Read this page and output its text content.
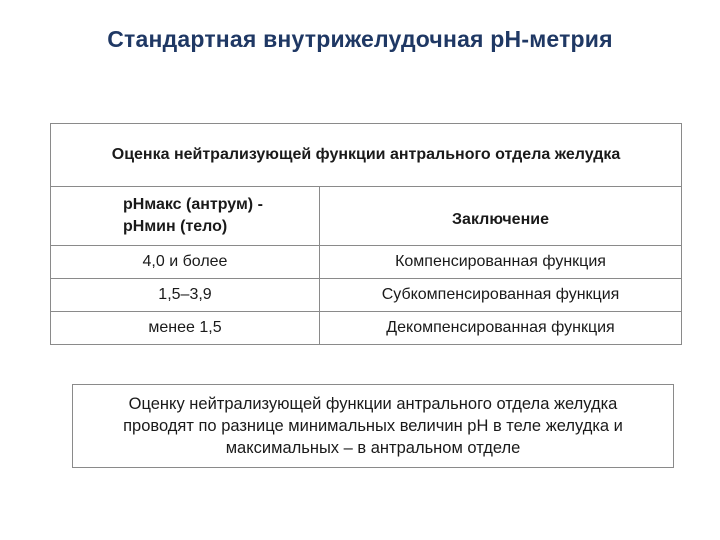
Стандартная внутрижелудочная рН-метрия
Оценка нейтрализующей функции антрального отдела желудка	

рНмакс (антрум) -
рНмин (тело)	Заключение
4,0 и более	Компенсированная функция
1,5–3,9	Субкомпенсированная функция
менее 1,5	Декомпенсированная функция
Оценку нейтрализующей функции антрального отдела желудка
проводят по разнице минимальных величин рН в теле желудка и
максимальных – в антральном отделе
